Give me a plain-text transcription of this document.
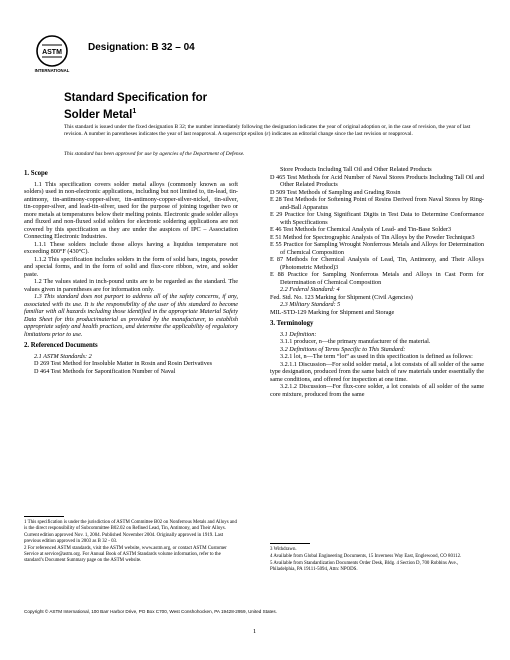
ASTM
INTERNATIONAL
Designation: B 32 – 04
Standard Specification for
Solder Metal$^1$
This standard is issued under the fixed designation B 32; the number immediately following the designation indicates the year of original adoption or, in the case of revision, the year of last revision. A number in parentheses indicates the year of last reapproval. A superscript epsilon (ε) indicates an editorial change since the last revision or reapproval.
This standard has been approved for use by agencies of the Department of Defense.
1. Scope

1.1 This specification covers solder metal alloys (commonly known as soft solders) used in non-electronic applications, including but not limited to, tin-lead, tin-antimony, tin-antimony-copper-silver, tin-antimony-copper-silver-nickel, tin-silver, tin-copper-silver, and lead-tin-silver, used for the purpose of joining together two or more metals at temperatures below their melting points. Electronic grade solder alloys and fluxed and non-fluxed solid solders for electronic soldering applications are not covered by this specification as they are under the auspices of IPC – Association Connecting Electronic Industries.

1.1.1 These solders include those alloys having a liquidus temperature not exceeding 800°F (430°C).

1.1.2 This specification includes solders in the form of solid bars, ingots, powder and special forms, and in the form of solid and flux-core ribbon, wire, and solder paste.

1.2 The values stated in inch-pound units are to be regarded as the standard. The values given in parentheses are for information only.

1.3 This standard does not purport to address all of the safety concerns, if any, associated with its use. It is the responsibility of the user of this standard to become familiar with all hazards including those identified in the appropriate Material Safety Data Sheet for this product/material as provided by the manufacturer, to establish appropriate safety and health practices, and determine the applicability of regulatory limitations prior to use.

2. Referenced Documents

2.1 ASTM Standards: 2

D 269 Test Method for Insoluble Matter in Rosin and Rosin Derivatives

D 464 Test Methods for Saponification Number of Naval

Store Products Including Tall Oil and Other Related Products

D 465 Test Methods for Acid Number of Naval Stores Products Including Tall Oil and Other Related Products

D 509 Test Methods of Sampling and Grading Rosin

E 28 Test Methods for Softening Point of Resins Derived from Naval Stores by Ring-and-Ball Apparatus

E 29 Practice for Using Significant Digits in Test Data to Determine Conformance with Specifications

E 46 Test Methods for Chemical Analysis of Lead- and Tin-Base Solder3

E 51 Method for Spectrographic Analysis of Tin Alloys by the Powder Technique3

E 55 Practice for Sampling Wrought Nonferrous Metals and Alloys for Determination of Chemical Composition

E 87 Methods for Chemical Analysis of Lead, Tin, Antimony, and Their Alloys (Photometric Method)3

E 88 Practice for Sampling Nonferrous Metals and Alloys in Cast Form for Determination of Chemical Composition

2.2 Federal Standard: 4

Fed. Std. No. 123 Marking for Shipment (Civil Agencies)

2.3 Military Standard: 5

MIL-STD-129 Marking for Shipment and Storage

3. Terminology

3.1 Definition:

3.1.1 producer, n—the primary manufacturer of the material.

3.2 Definitions of Terms Specific to This Standard:

3.2.1 lot, n—The term “lot” as used in this specification is defined as follows:

3.2.1.1 Discussion—For solid solder metal, a lot consists of all solder of the same type designation, produced from the same batch of raw materials under essentially the same conditions, and offered for inspection at one time.

3.2.1.2 Discussion—For flux-core solder, a lot consists of all solder of the same core mixture, produced from the same

1 This specification is under the jurisdiction of ASTM Committee B02 on Nonferrous Metals and Alloys and is the direct responsibility of Subcommittee B02.02 on Refined Lead, Tin, Antimony, and Their Alloys.

Current edition approved Nov. 1, 2004. Published November 2004. Originally approved in 1919. Last previous edition approved in 2003 as B 32 - 03.

2 For referenced ASTM standards, visit the ASTM website, www.astm.org, or contact ASTM Customer Service at service@astm.org. For Annual Book of ASTM Standards volume information, refer to the standard’s Document Summary page on the ASTM website.

3 Withdrawn.

4 Available from Global Engineering Documents, 15 Inverness Way East, Englewood, CO 80112.

5 Available from Standardization Documents Order Desk, Bldg. 4 Section D, 700 Robbins Ave., Philadelphia, PA 19111-5094, Attn: NPODS.

Copyright © ASTM International, 100 Barr Harbor Drive, PO Box C700, West Conshohocken, PA 19428-2959, United States.
1
